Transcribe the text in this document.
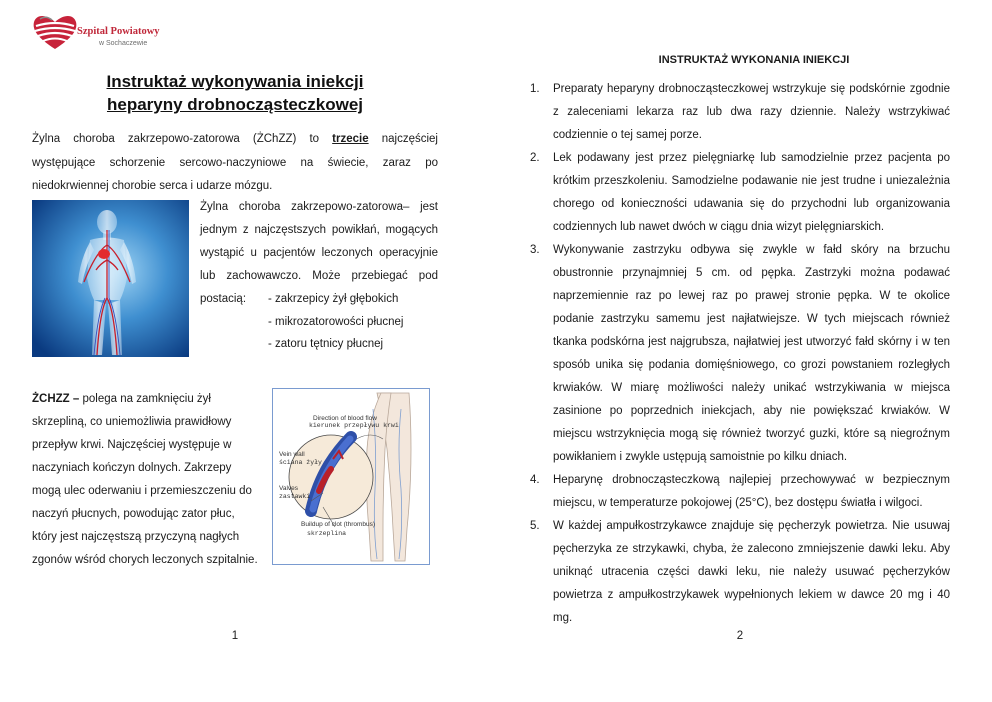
Szpital Powiatowy
w Sochaczewie
Instruktaż wykonywania iniekcji
heparyny drobnocząsteczkowej
Żylna choroba zakrzepowo-zatorowa (ŻChZZ) to trzecie najczęściej występujące schorzenie sercowo-naczyniowe na świecie, zaraz po niedokrwiennej chorobie serca i udarze mózgu.
Żylna choroba zakrzepowo-zatorowa– jest jednym z najczęstszych powikłań, mogących wystąpić u pacjentów leczonych operacyjnie lub zachowawczo. Może przebiegać pod postacią:	- zakrzepicy żył głębokich
- mikrozatorowości płucnej
- zatoru tętnicy płucnej
ŻCHZZ – polega na zamknięciu żył skrzepliną, co uniemożliwia prawidłowy przepływ krwi. Najczęściej występuje w naczyniach kończyn dolnych. Zakrzepy mogą ulec oderwaniu i przemieszczeniu do naczyń płucnych, powodując zator płuc, który jest najczęstszą przyczyną nagłych zgonów wśród chorych leczonych szpitalnie.
Direction of blood flow
kierunek przepływu krwi
Vein wall
ściana żyły
Valves
zastawki
Buildup of clot (thrombus)
skrzeplina
1
INSTRUKTAŻ WYKONANIA INIEKCJI
1. Preparaty heparyny drobnocząsteczkowej wstrzykuje się podskórnie zgodnie z zaleceniami lekarza raz lub dwa razy dziennie. Należy wstrzykiwać codziennie o tej samej porze.
2. Lek podawany jest przez pielęgniarkę lub samodzielnie przez pacjenta po krótkim przeszkoleniu. Samodzielne podawanie nie jest trudne i uniezależnia chorego od konieczności udawania się do przychodni lub organizowania codziennych lub nawet dwóch w ciągu dnia wizyt pielęgniarskich.
3. Wykonywanie zastrzyku odbywa się zwykle w fałd skóry na brzuchu obustronnie przynajmniej 5 cm. od pępka. Zastrzyki można podawać naprzemiennie raz po lewej raz po prawej stronie pępka. W te okolice podanie zastrzyku samemu jest najłatwiejsze. W tych miejscach również tkanka podskórna jest najgrubsza, najłatwiej jest utworzyć fałd skórny i w ten sposób unika się podania domięśniowego, co grozi powstaniem rozległych krwiaków. W miarę możliwości należy unikać wstrzykiwania w miejsca zasinione po poprzednich iniekcjach, aby nie powiększać krwiaków. W miejscu wstrzyknięcia mogą się również tworzyć guzki, które są niegroźnym powikłaniem i zwykle ustępują samoistnie po kilku dniach.
4. Heparynę drobnocząsteczkową najlepiej przechowywać w bezpiecznym miejscu, w temperaturze pokojowej (25°C), bez dostępu światła i wilgoci.
5. W każdej ampułkostrzykawce znajduje się pęcherzyk powietrza. Nie usuwaj pęcherzyka ze strzykawki, chyba, że zalecono zmniejszenie dawki leku. Aby uniknąć utracenia części dawki leku, nie należy usuwać pęcherzyków powietrza z ampułkostrzykawek wypełnionych lekiem w dawce 20 mg i 40 mg.
2
